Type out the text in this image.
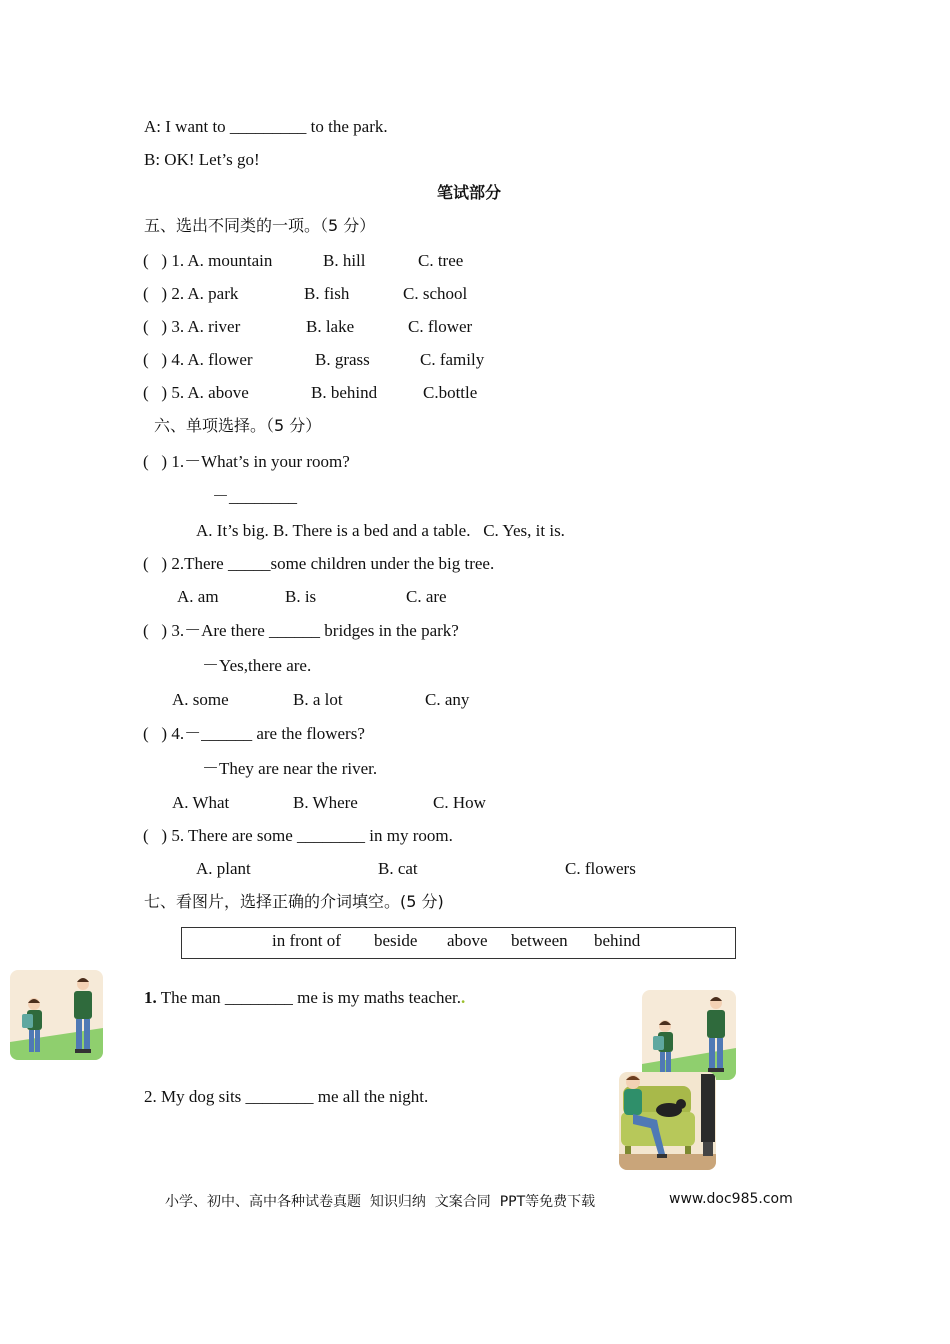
A: I want to _________ to the park.
B: OK! Let’s go!
笔试部分
五、选出不同类的一项。（5 分）
(   ) 1. A. mountain	B. hill	C. tree
(   ) 2. A. park	B. fish	C. school
(   ) 3. A. river	B. lake	C. flower
(   ) 4. A. flower	B. grass	C. family
(   ) 5. A. above	B. behind	C.bottle
六、单项选择。（5 分）
(   ) 1.－What’s in your room?
－________
A. It’s big. B. There is a bed and a table.   C. Yes, it is.
(   ) 2.There _____some children under the big tree.
A. am	B. is	C. are
(   ) 3.－Are there ______ bridges in the park?
－Yes,there are.
A. some	B. a lot	C. any
(   ) 4.－______ are the flowers?
－They are near the river.
A. What	B. Where	C. How
(   ) 5. There are some ________ in my room.
A. plant	B. cat	C. flowers
七、看图片，选择正确的介词填空。(5 分)
in front of beside above between behind
1. The man ________ me is my maths teacher..
2. My dog sits ________ me all the night.
小学、初中、高中各种试卷真题  知识归纳  文案合同  PPT等免费下载	www.doc985.com
